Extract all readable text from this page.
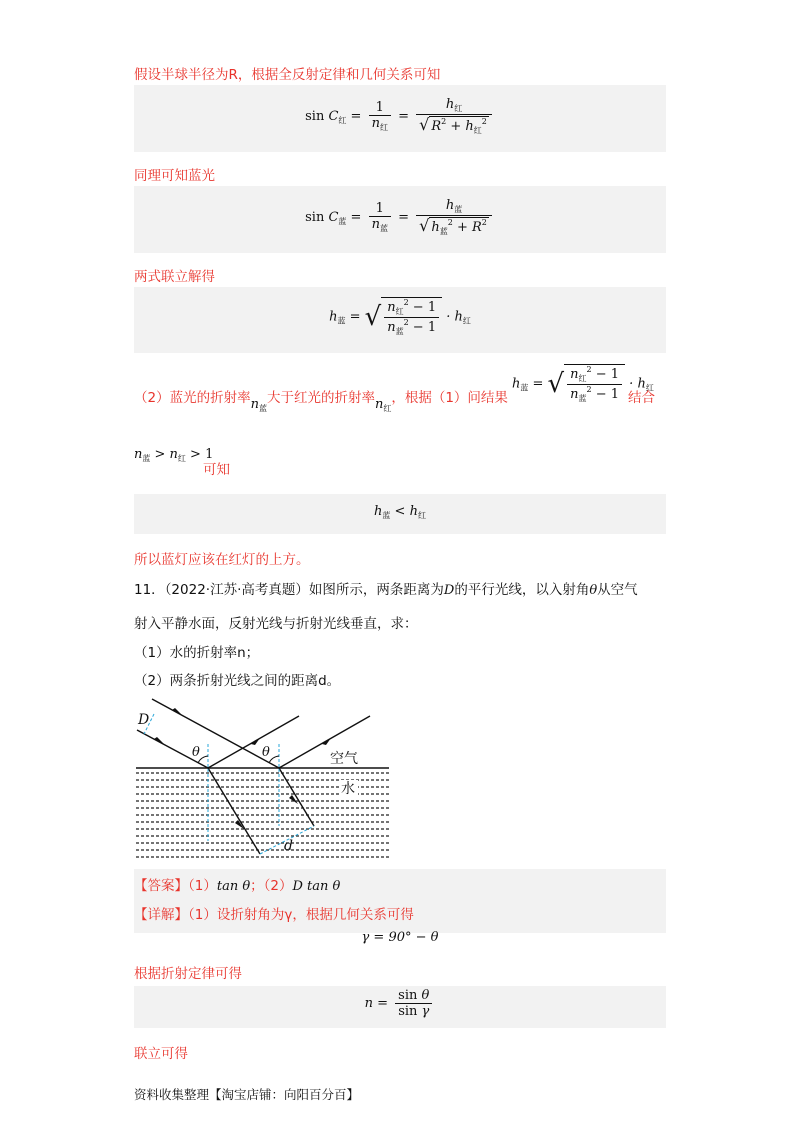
假设半球半径为R，根据全反射定律和几何关系可知
$\sin C_红 = \frac{1}{n_红} = \frac{h_红}{√ R^2 + h_红^2}$
同理可知蓝光
$\sin C_蓝 = \frac{1}{n_蓝} = \frac{h_蓝}{√ h_蓝^2 + R^2}$
两式联立解得
$h_蓝$ = √ $\frac{n_红^2 - 1}{n_蓝^2 - 1} \cdot h_红$
（2）蓝光的折射率$n_蓝$大于红光的折射率$n_红$，根据（1）问结果
$h_蓝$ = √ $\frac{n_红^2 - 1}{n_蓝^2 - 1} \cdot h_红$
结合
$n_蓝 > n_红 > 1$
可知
$h_蓝 < h_红$
所以蓝灯应该在红灯的上方。
11．（2022·江苏·高考真题）如图所示，两条距离为D的平行光线，以入射角θ从空气
射入平静水面，反射光线与折射光线垂直，求：
（1）水的折射率n；
（2）两条折射光线之间的距离d。
D
θ	θ	空气
水
d
【答案】（1）tan θ；（2）D tan θ
【详解】（1）设折射角为γ，根据几何关系可得
γ = 90° − θ
根据折射定律可得
$n = \frac{\text{sin θ}}{\text{sin γ}}$
联立可得
资料收集整理【淘宝店铺：向阳百分百】
